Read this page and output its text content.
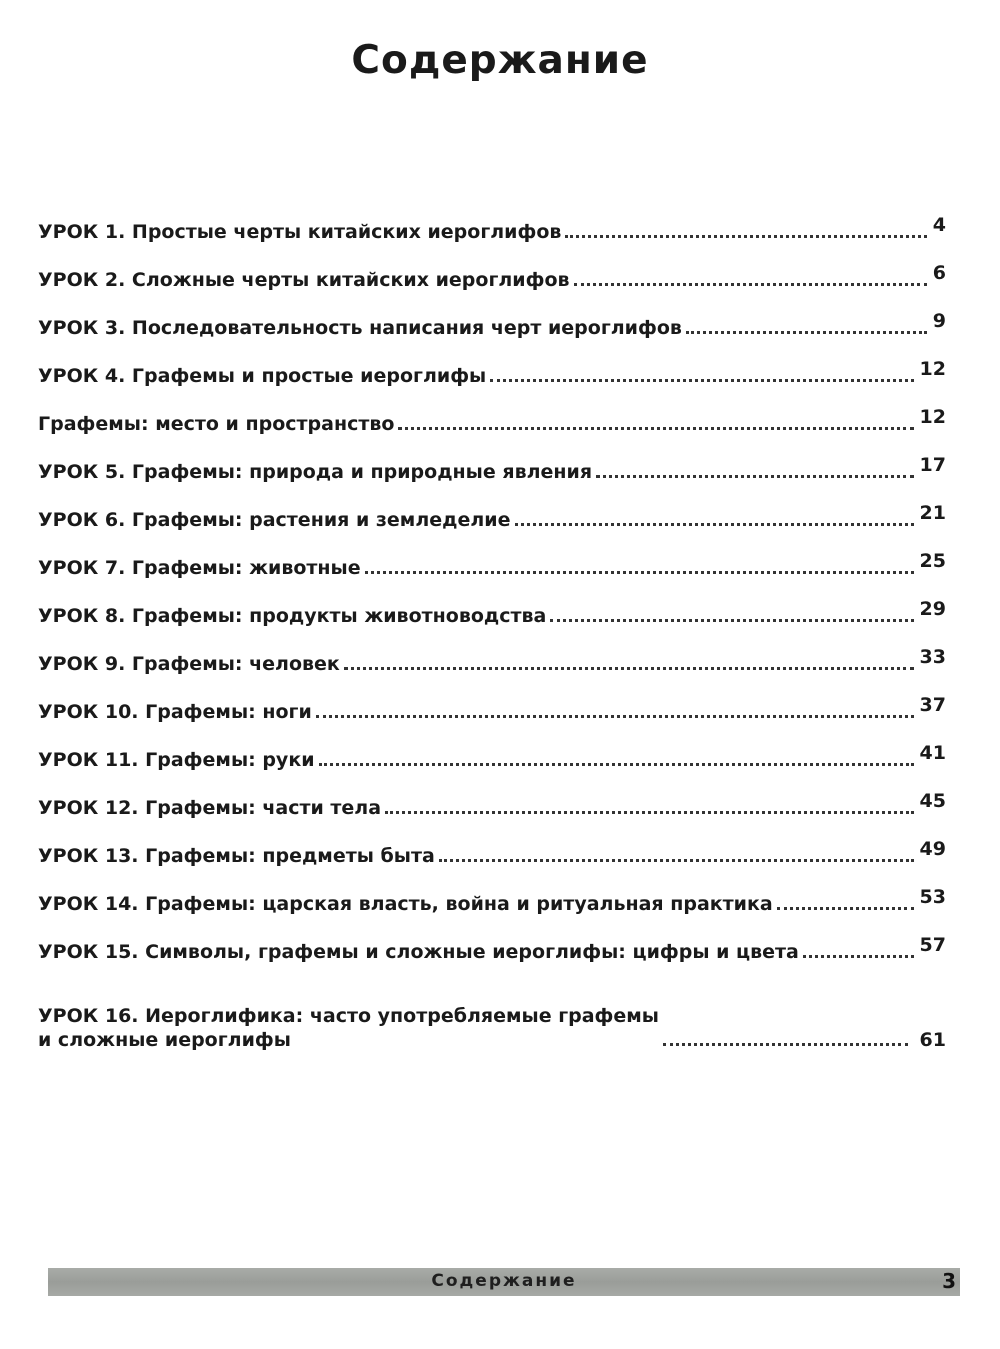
Содержание
УРОК 1. Простые черты китайских иероглифов	4
УРОК 2. Сложные черты китайских иероглифов	6
УРОК 3. Последовательность написания черт иероглифов	9
УРОК 4. Графемы и простые иероглифы	12
Графемы: место и пространство	12
УРОК 5. Графемы: природа и природные явления	17
УРОК 6. Графемы: растения и земледелие	21
УРОК 7. Графемы: животные	25
УРОК 8. Графемы: продукты животноводства	29
УРОК 9. Графемы: человек	33
УРОК 10. Графемы: ноги	37
УРОК 11. Графемы: руки	41
УРОК 12. Графемы: части тела	45
УРОК 13. Графемы: предметы быта	49
УРОК 14. Графемы: царская власть, война и ритуальная практика	53
УРОК 15. Символы, графемы и сложные иероглифы: цифры и цвета	57
УРОК 16. Иероглифика: часто употребляемые графемы
и сложные иероглифы	61
Содержание	3
